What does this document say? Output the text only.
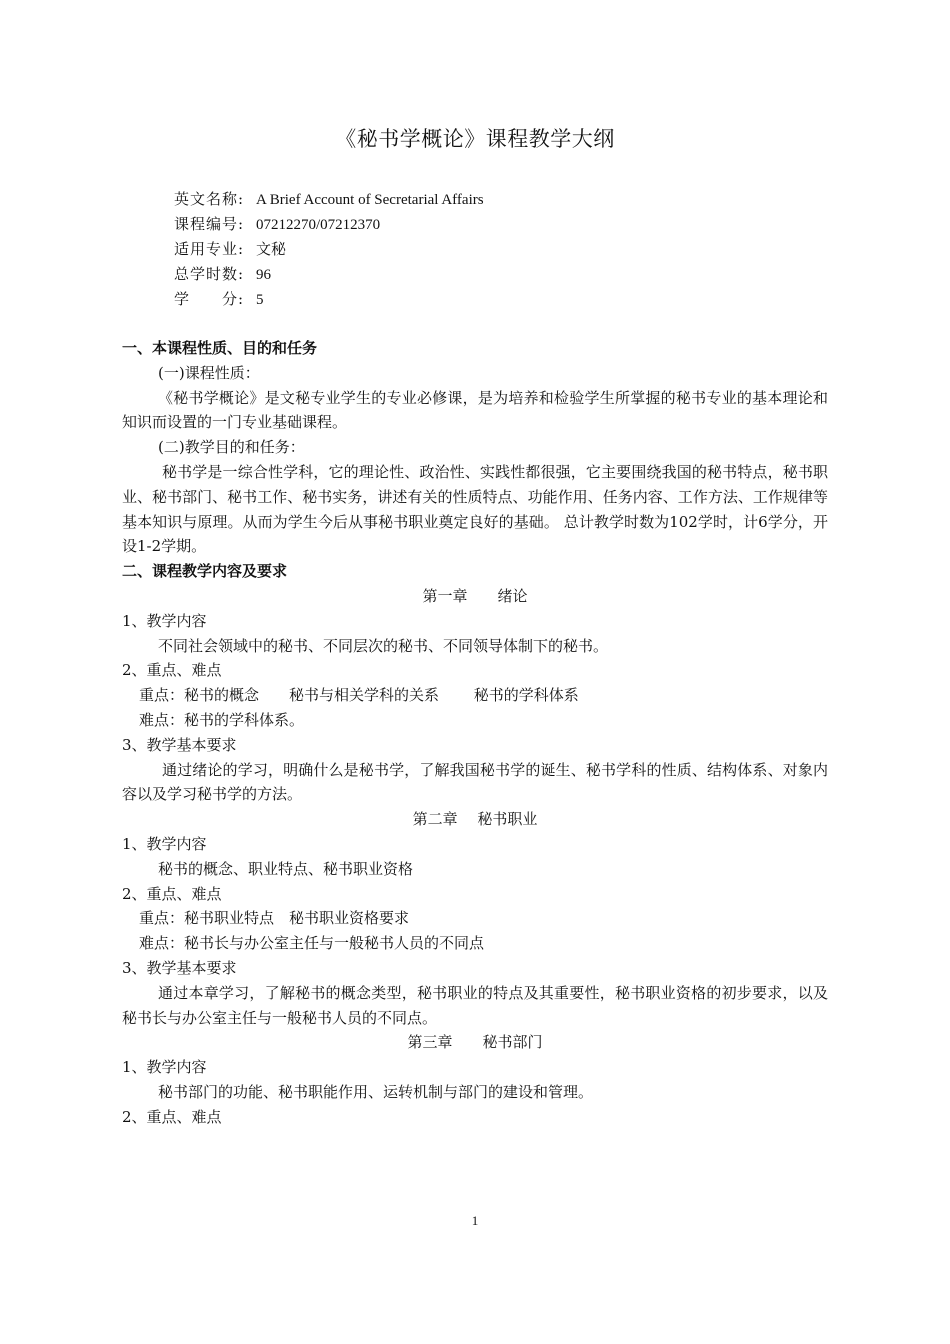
《秘书学概论》课程教学大纲
英文名称: A Brief Account of Secretarial Affairs
课程编号: 07212270/07212370
适用专业: 文秘
总学时数: 96
学　　分: 5
一、本课程性质、目的和任务
(一)课程性质：
《秘书学概论》是文秘专业学生的专业必修课，是为培养和检验学生所掌握的秘书专业的基本理论和知识而设置的一门专业基础课程。
(二)教学目的和任务：
秘书学是一综合性学科，它的理论性、政治性、实践性都很强，它主要围绕我国的秘书特点，秘书职业、秘书部门、秘书工作、秘书实务，讲述有关的性质特点、功能作用、任务内容、工作方法、工作规律等基本知识与原理。从而为学生今后从事秘书职业奠定良好的基础。 总计教学时数为102学时，计6学分，开设1-2学期。
二、课程教学内容及要求
第一章　　绪论
1、教学内容
不同社会领域中的秘书、不同层次的秘书、不同领导体制下的秘书。
2、重点、难点
重点：秘书的概念　　秘书与相关学科的关系　　 秘书的学科体系
难点：秘书的学科体系。
3、教学基本要求
通过绪论的学习，明确什么是秘书学，了解我国秘书学的诞生、秘书学科的性质、结构体系、对象内容以及学习秘书学的方法。
第二章　 秘书职业
1、教学内容
秘书的概念、职业特点、秘书职业资格
2、重点、难点
重点：秘书职业特点　秘书职业资格要求
难点：秘书长与办公室主任与一般秘书人员的不同点
3、教学基本要求
通过本章学习，了解秘书的概念类型，秘书职业的特点及其重要性，秘书职业资格的初步要求，以及秘书长与办公室主任与一般秘书人员的不同点。
第三章　　秘书部门
1、教学内容
秘书部门的功能、秘书职能作用、运转机制与部门的建设和管理。
2、重点、难点
1
